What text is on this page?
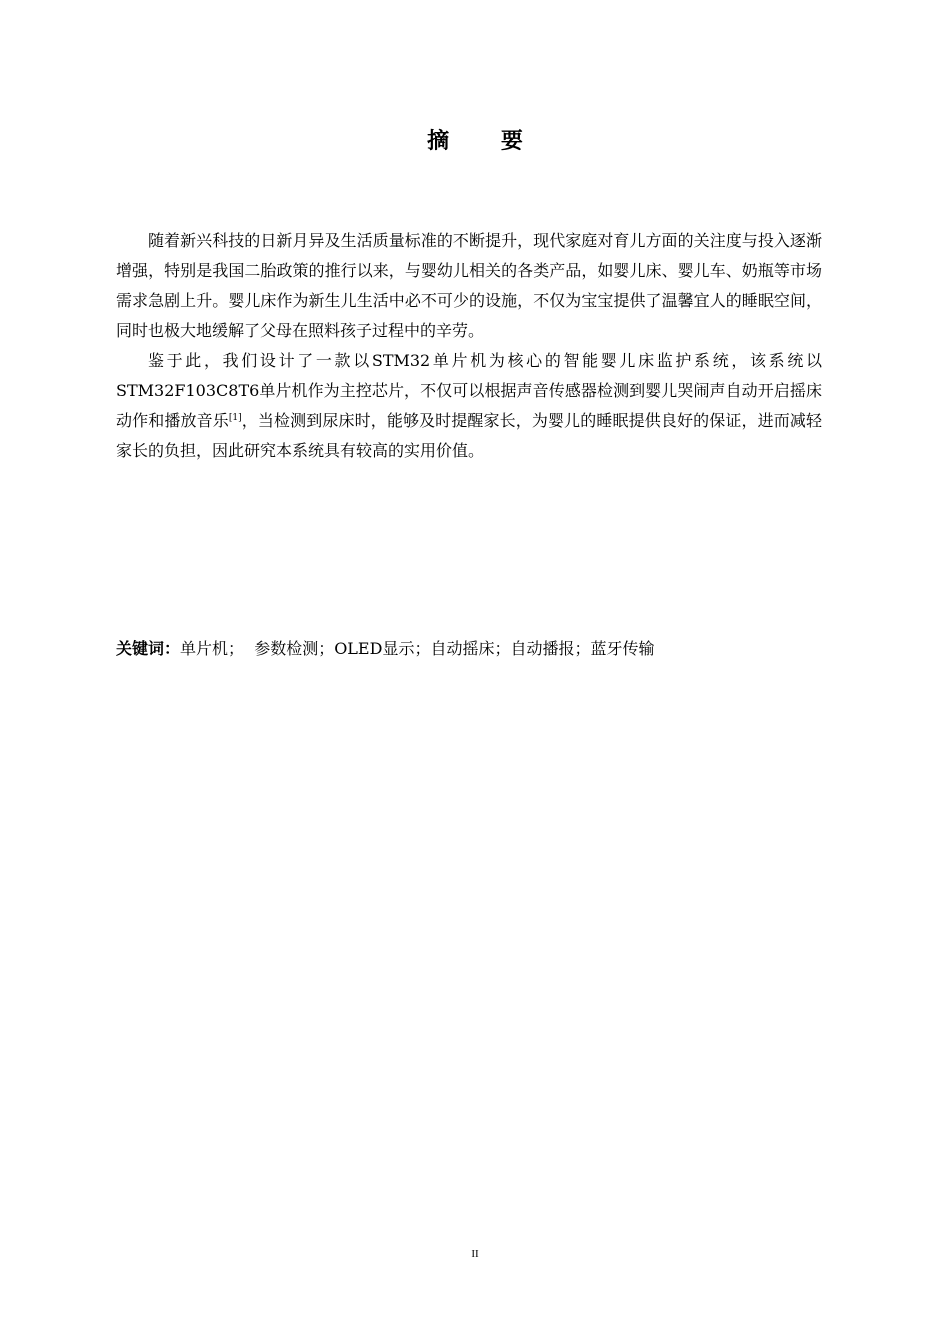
摘 要

随着新兴科技的日新月异及生活质量标准的不断提升，现代家庭对育儿方面的关注度与投入逐渐增强，特别是我国二胎政策的推行以来，与婴幼儿相关的各类产品，如婴儿床、婴儿车、奶瓶等市场需求急剧上升。婴儿床作为新生儿生活中必不可少的设施，不仅为宝宝提供了温馨宜人的睡眠空间，同时也极大地缓解了父母在照料孩子过程中的辛劳。

鉴于此，我们设计了一款以STM32单片机为核心的智能婴儿床监护系统，该系统以STM32F103C8T6单片机作为主控芯片，不仅可以根据声音传感器检测到婴儿哭闹声自动开启摇床动作和播放音乐[1]，当检测到尿床时，能够及时提醒家长，为婴儿的睡眠提供良好的保证，进而减轻家长的负担，因此研究本系统具有较高的实用价值。

关键词：单片机；  参数检测；OLED显示；自动摇床；自动播报；蓝牙传输
II
